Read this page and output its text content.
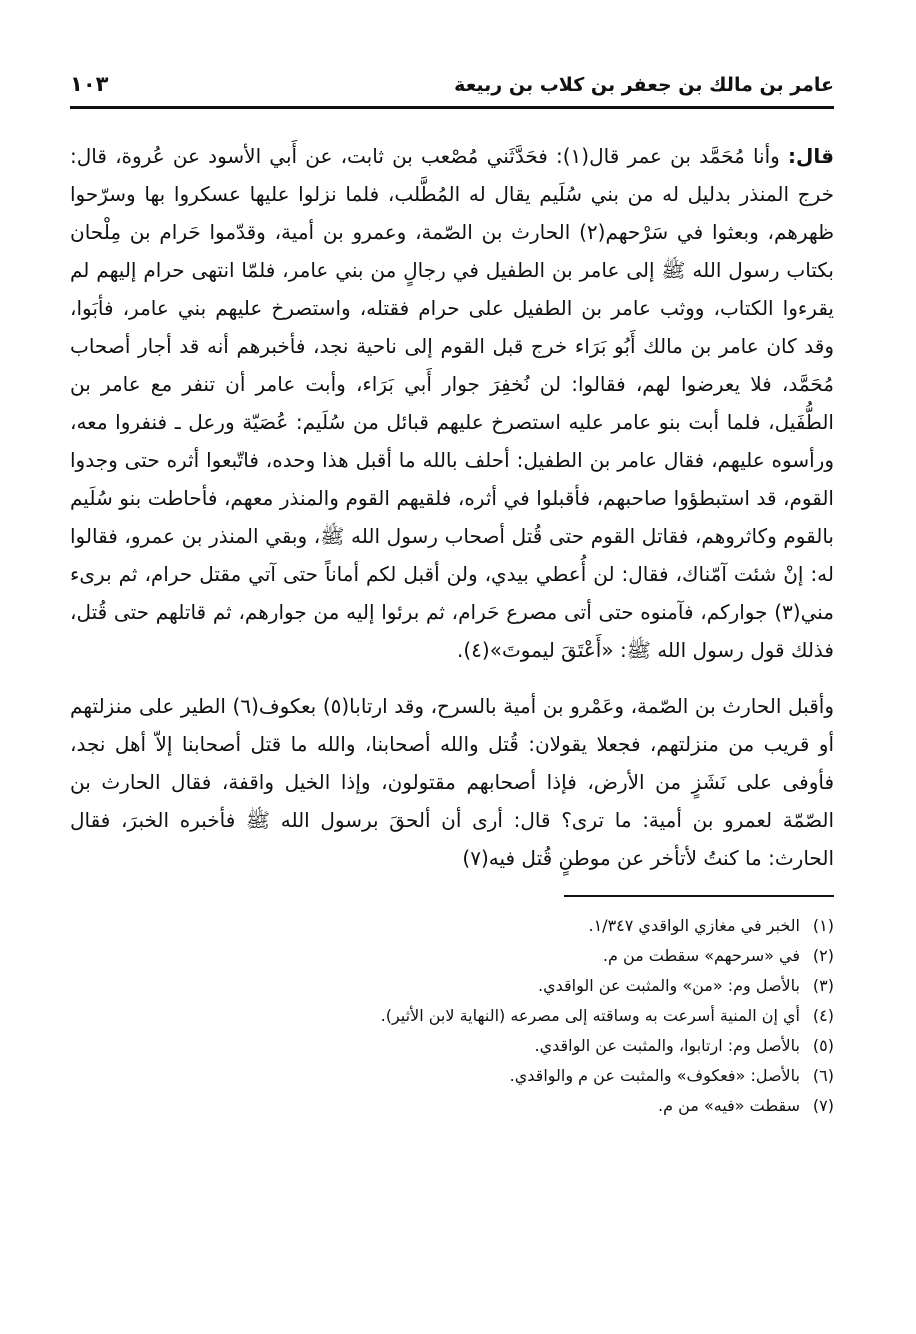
عامر بن مالك بن جعفر بن كلاب بن ربيعة
١٠٣

قال: وأنا مُحَمَّد بن عمر قال(١): فحَدَّثَني مُصْعب بن ثابت، عن أَبي الأسود عن عُروة، قال: خرج المنذر بدليل له من بني سُلَيم يقال له المُطَّلب، فلما نزلوا عليها عسكروا بها وسرّحوا ظهرهم، وبعثوا في سَرْحهم(٢) الحارث بن الصّمة، وعمرو بن أمية، وقدّموا حَرام بن مِلْحان بكتاب رسول الله ﷺ إلى عامر بن الطفيل في رجالٍ من بني عامر، فلمّا انتهى حرام إليهم لم يقرءوا الكتاب، ووثب عامر بن الطفيل على حرام فقتله، واستصرخ عليهم بني عامر، فأبَوا، وقد كان عامر بن مالك أَبُو بَرَاء خرج قبل القوم إلى ناحية نجد، فأخبرهم أنه قد أجار أصحاب مُحَمَّد، فلا يعرضوا لهم، فقالوا: لن نُخفِرَ جوار أَبي بَرَاء، وأبت عامر أن تنفر مع عامر بن الطُّفَيل، فلما أبت بنو عامر عليه استصرخ عليهم قبائل من سُلَيم: عُصَيّة ورعل ـ فنفروا معه، ورأسوه عليهم، فقال عامر بن الطفيل: أحلف بالله ما أقبل هذا وحده، فاتّبعوا أثره حتى وجدوا القوم، قد استبطؤوا صاحبهم، فأقبلوا في أثره، فلقيهم القوم والمنذر معهم، فأحاطت بنو سُلَيم بالقوم وكاثروهم، فقاتل القوم حتى قُتل أصحاب رسول الله ﷺ، وبقي المنذر بن عمرو، فقالوا له: إنْ شئت آمّناك، فقال: لن أُعطي بيدي، ولن أقبل لكم أماناً حتى آتي مقتل حرام، ثم برىء مني(٣) جواركم، فآمنوه حتى أتى مصرع حَرام، ثم برئوا إليه من جوارهم، ثم قاتلهم حتى قُتل، فذلك قول رسول الله ﷺ: «أَعْتَقَ ليموتَ»(٤).

وأقبل الحارث بن الصّمة، وعَمْرو بن أمية بالسرح، وقد ارتابا(٥) بعكوف(٦) الطير على منزلتهم أو قريب من منزلتهم، فجعلا يقولان: قُتل والله أصحابنا، والله ما قتل أصحابنا إلاّ أهل نجد، فأوفى على نَشَزٍ من الأرض، فإذا أصحابهم مقتولون، وإذا الخيل واقفة، فقال الحارث بن الصّمّة لعمرو بن أمية: ما ترى؟ قال: أرى أن ألحقَ برسول الله ﷺ فأخبره الخبرَ، فقال الحارث: ما كنتُ لأتأخر عن موطنٍ قُتل فيه(٧)

(١)الخبر في مغازي الواقدي ١/٣٤٧.
(٢)في «سرحهم» سقطت من م.
(٣)بالأصل وم: «من» والمثبت عن الواقدي.
(٤)أي إن المنية أسرعت به وساقته إلى مصرعه (النهاية لابن الأثير).
(٥)بالأصل وم: ارتابوا، والمثبت عن الواقدي.
(٦)بالأصل: «فعكوف» والمثبت عن م والواقدي.
(٧)سقطت «فيه» من م.
